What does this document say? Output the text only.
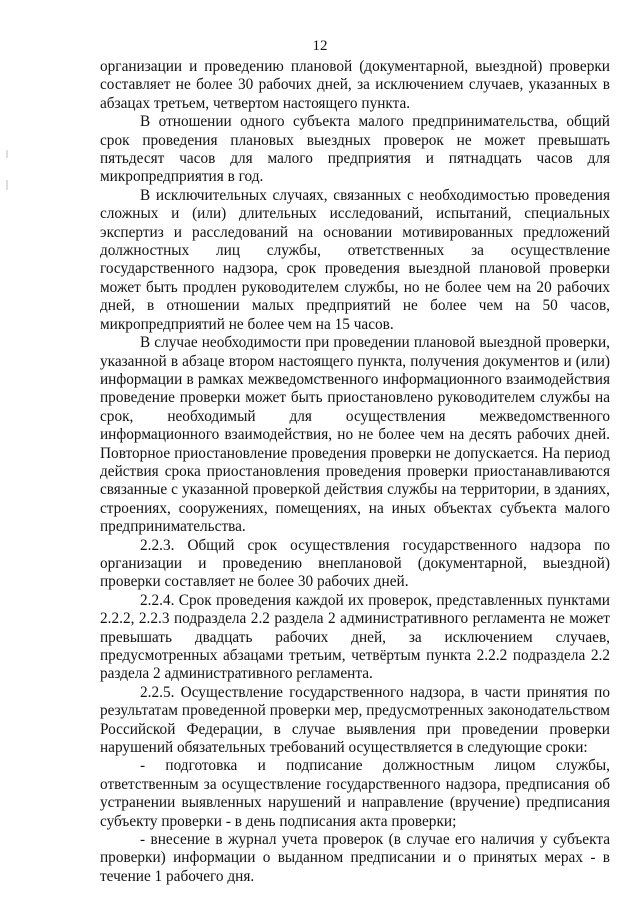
12

организации и проведению плановой (документарной, выездной) проверки составляет не более 30 рабочих дней, за исключением случаев, указанных в абзацах третьем, четвертом настоящего пункта.

В отношении одного субъекта малого предпринимательства, общий срок проведения плановых выездных проверок не может превышать пятьдесят часов для малого предприятия и пятнадцать часов для микропредприятия в год.

В исключительных случаях, связанных с необходимостью проведения сложных и (или) длительных исследований, испытаний, специальных экспертиз и расследований на основании мотивированных предложений должностных лиц службы, ответственных за осуществление государственного надзора, срок проведения выездной плановой проверки может быть продлен руководителем службы, но не более чем на 20 рабочих дней, в отношении малых предприятий не более чем на 50 часов, микропредприятий не более чем на 15 часов.

В случае необходимости при проведении плановой выездной проверки, указанной в абзаце втором настоящего пункта, получения документов и (или) информации в рамках межведомственного информационного взаимодействия проведение проверки может быть приостановлено руководителем службы на срок, необходимый для осуществления межведомственного информационного взаимодействия, но не более чем на десять рабочих дней. Повторное приостановление проведения проверки не допускается. На период действия срока приостановления проведения проверки приостанавливаются связанные с указанной проверкой действия службы на территории, в зданиях, строениях, сооружениях, помещениях, на иных объектах субъекта малого предпринимательства.

2.2.3. Общий срок осуществления государственного надзора по организации и проведению внеплановой (документарной, выездной) проверки составляет не более 30 рабочих дней.

2.2.4. Срок проведения каждой их проверок, представленных пунктами 2.2.2, 2.2.3 подраздела 2.2 раздела 2 административного регламента не может превышать двадцать рабочих дней, за исключением случаев, предусмотренных абзацами третьим, четвёртым пункта 2.2.2 подраздела 2.2 раздела 2 административного регламента.

2.2.5. Осуществление государственного надзора, в части принятия по результатам проведенной проверки мер, предусмотренных законодательством Российской Федерации, в случае выявления при проведении проверки нарушений обязательных требований осуществляется в следующие сроки:

- подготовка и подписание должностным лицом службы, ответственным за осуществление государственного надзора, предписания об устранении выявленных нарушений и направление (вручение) предписания субъекту проверки - в день подписания акта проверки;

- внесение в журнал учета проверок (в случае его наличия у субъекта проверки) информации о выданном предписании и о принятых мерах - в течение 1 рабочего дня.
